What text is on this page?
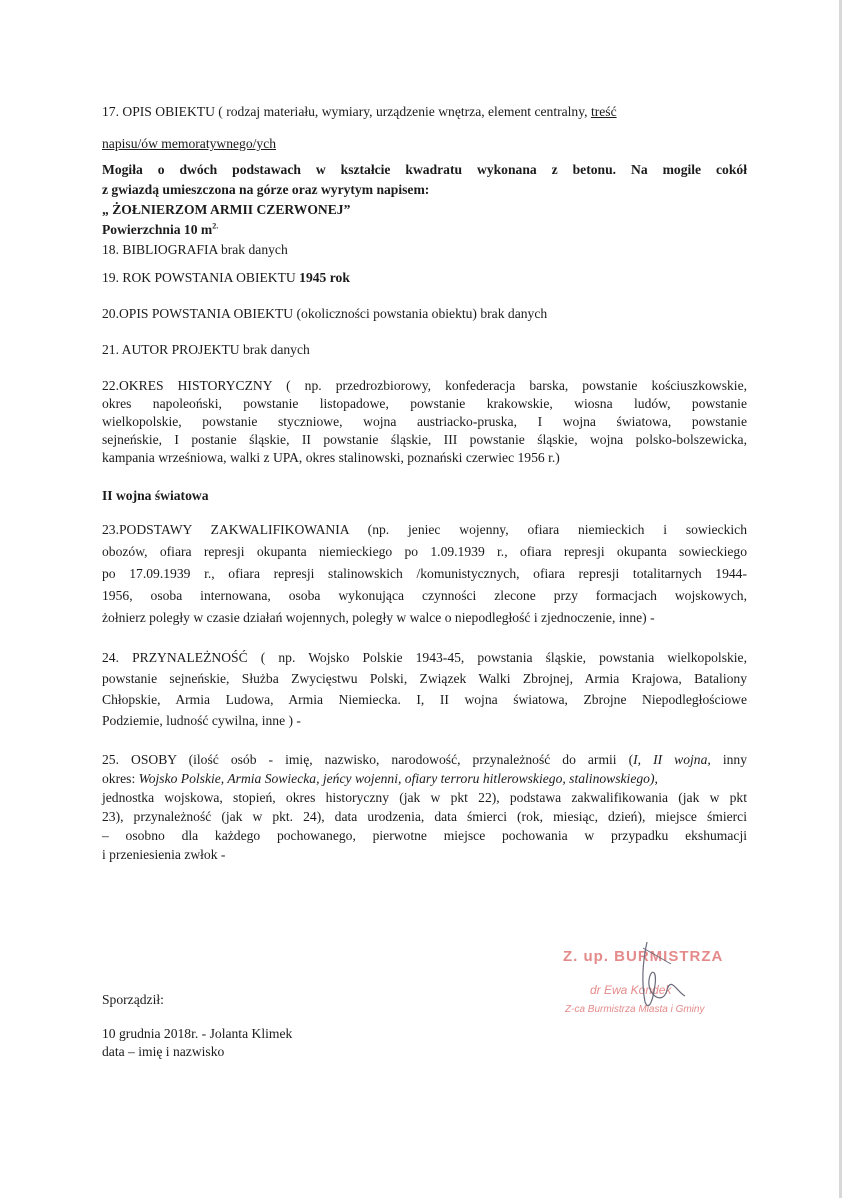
17. OPIS OBIEKTU ( rodzaj materiału, wymiary, urządzenie wnętrza, element centralny, treść
napisu/ów memoratywnego/ych
Mogiła o dwóch podstawach w kształcie kwadratu wykonana z betonu. Na mogile cokół
z gwiazdą umieszczona na górze oraz wyrytym napisem:
„ ŻOŁNIERZOM ARMII CZERWONEJ”
Powierzchnia 10 $m^{2.}$
18. BIBLIOGRAFIA brak danych
19. ROK POWSTANIA OBIEKTU 1945 rok
20.OPIS POWSTANIA OBIEKTU (okoliczności powstania obiektu) brak danych
21. AUTOR PROJEKTU brak danych
22.OKRES HISTORYCZNY ( np. przedrozbiorowy, konfederacja barska, powstanie kościuszkowskie,
okres napoleoński, powstanie listopadowe, powstanie krakowskie, wiosna ludów, powstanie
wielkopolskie, powstanie styczniowe, wojna austriacko-pruska, I wojna światowa, powstanie
sejneńskie, I postanie śląskie, II powstanie śląskie, III powstanie śląskie, wojna polsko-bolszewicka,
kampania wrześniowa, walki z UPA, okres stalinowski, poznański czerwiec 1956 r.)
II wojna światowa
23.PODSTAWY ZAKWALIFIKOWANIA (np. jeniec wojenny, ofiara niemieckich i sowieckich
obozów, ofiara represji okupanta niemieckiego po 1.09.1939 r., ofiara represji okupanta sowieckiego
po 17.09.1939 r., ofiara represji stalinowskich /komunistycznych, ofiara represji totalitarnych 1944-
1956, osoba internowana, osoba wykonująca czynności zlecone przy formacjach wojskowych,
żołnierz poległy w czasie działań wojennych, poległy w walce o niepodległość i zjednoczenie, inne) -
24. PRZYNALEŻNOŚĆ ( np. Wojsko Polskie 1943-45, powstania śląskie, powstania wielkopolskie,
powstanie sejneńskie, Służba Zwycięstwu Polski, Związek Walki Zbrojnej, Armia Krajowa, Bataliony
Chłopskie, Armia Ludowa, Armia Niemiecka. I, II wojna światowa, Zbrojne Niepodległościowe
Podziemie, ludność cywilna, inne ) -
25. OSOBY (ilość osób - imię, nazwisko, narodowość, przynależność do armii (I, II wojna, inny
okres: Wojsko Polskie, Armia Sowiecka, jeńcy wojenni, ofiary terroru hitlerowskiego, stalinowskiego),
jednostka wojskowa, stopień, okres historyczny (jak w pkt 22), podstawa zakwalifikowania (jak w pkt
23), przynależność (jak w pkt. 24), data urodzenia, data śmierci (rok, miesiąc, dzień), miejsce śmierci
– osobno dla każdego pochowanego, pierwotne miejsce pochowania w przypadku ekshumacji
i przeniesienia zwłok -
Sporządził:
10 grudnia 2018r. - Jolanta Klimek
data – imię i nazwisko
Z. up. BURMISTRZA
dr Ewa Kondek
Z-ca Burmistrza Miasta i Gminy
